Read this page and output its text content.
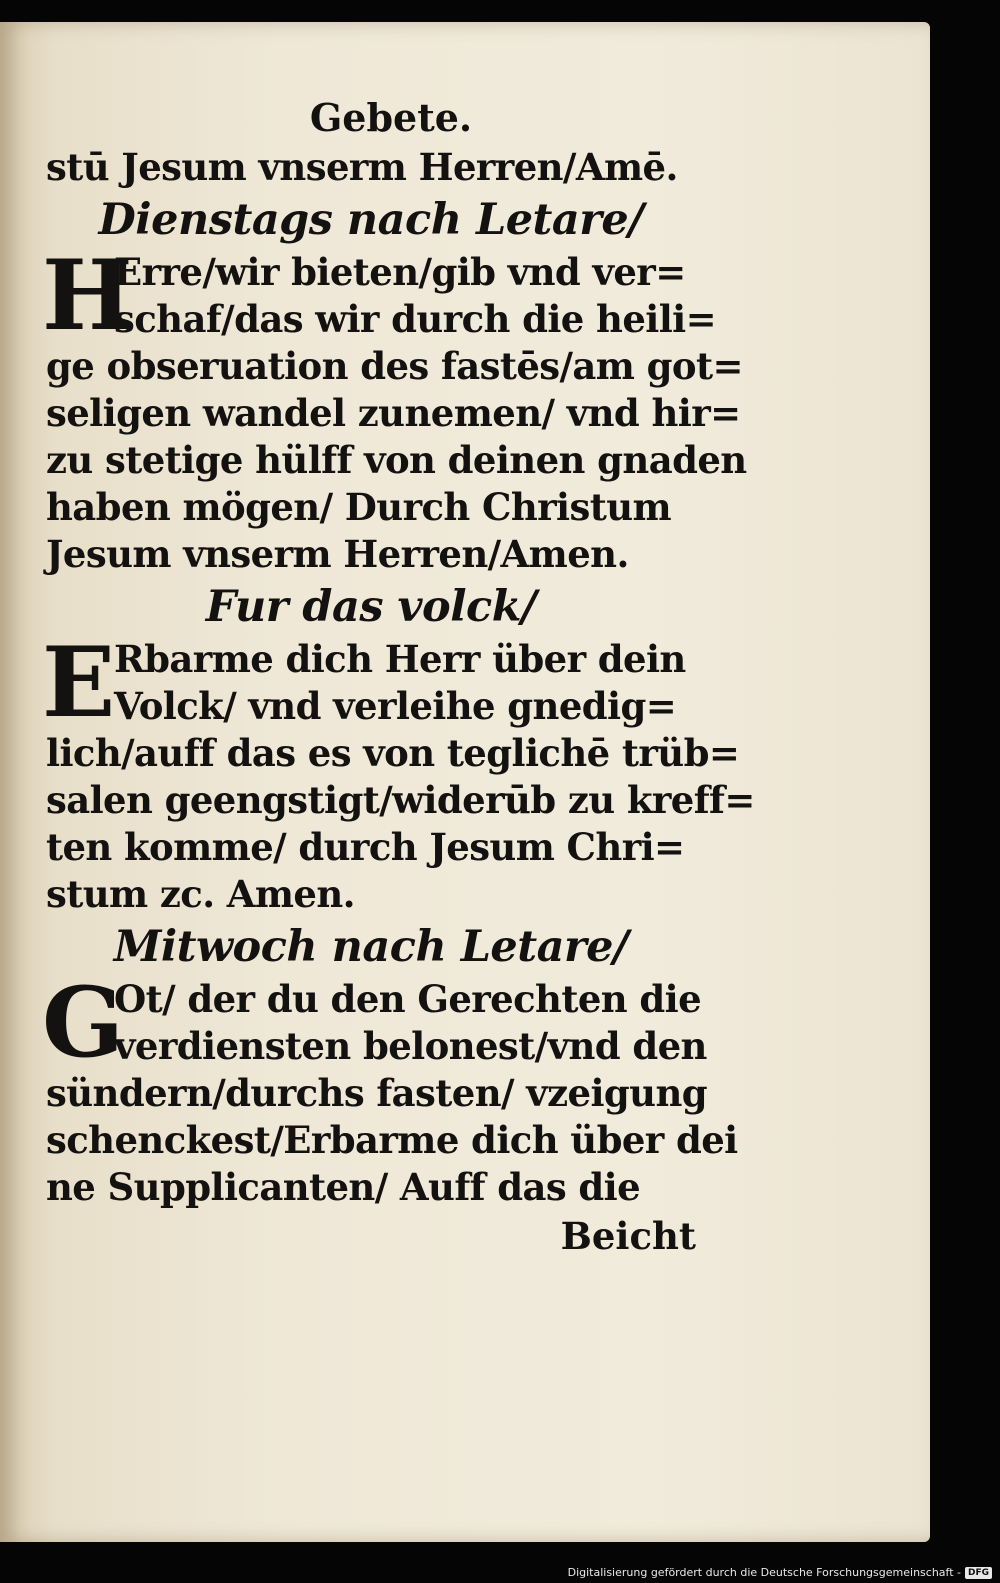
Gebete.
stū Jesum vnserm Herren/Amē.
Dienstags nach Letare/
H
Erre/wir bieten/gib vnd ver=
schaf/das wir durch die heili=
ge obseruation des fastēs/am got=
seligen wandel zunemen/ vnd hir=
zu stetige hülff von deinen gnaden
haben mögen/ Durch Christum
Jesum vnserm Herren/Amen.
Fur das volck/
E
Rbarme dich Herr über dein
Volck/ vnd verleihe gnedig=
lich/auff das es von teglichē trüb=
salen geengstigt/widerūb zu kreff=
ten komme/ durch Jesum Chri=
stum zc. Amen.
Mitwoch nach Letare/
G
Ot/ der du den Gerechten die
verdiensten belonest/vnd den
sündern/durchs fasten/ vzeigung
schenckest/Erbarme dich über dei
ne Supplicanten/ Auff das die
Beicht
Digitalisierung gefördert durch die Deutsche Forschungsgemeinschaft - DFG
